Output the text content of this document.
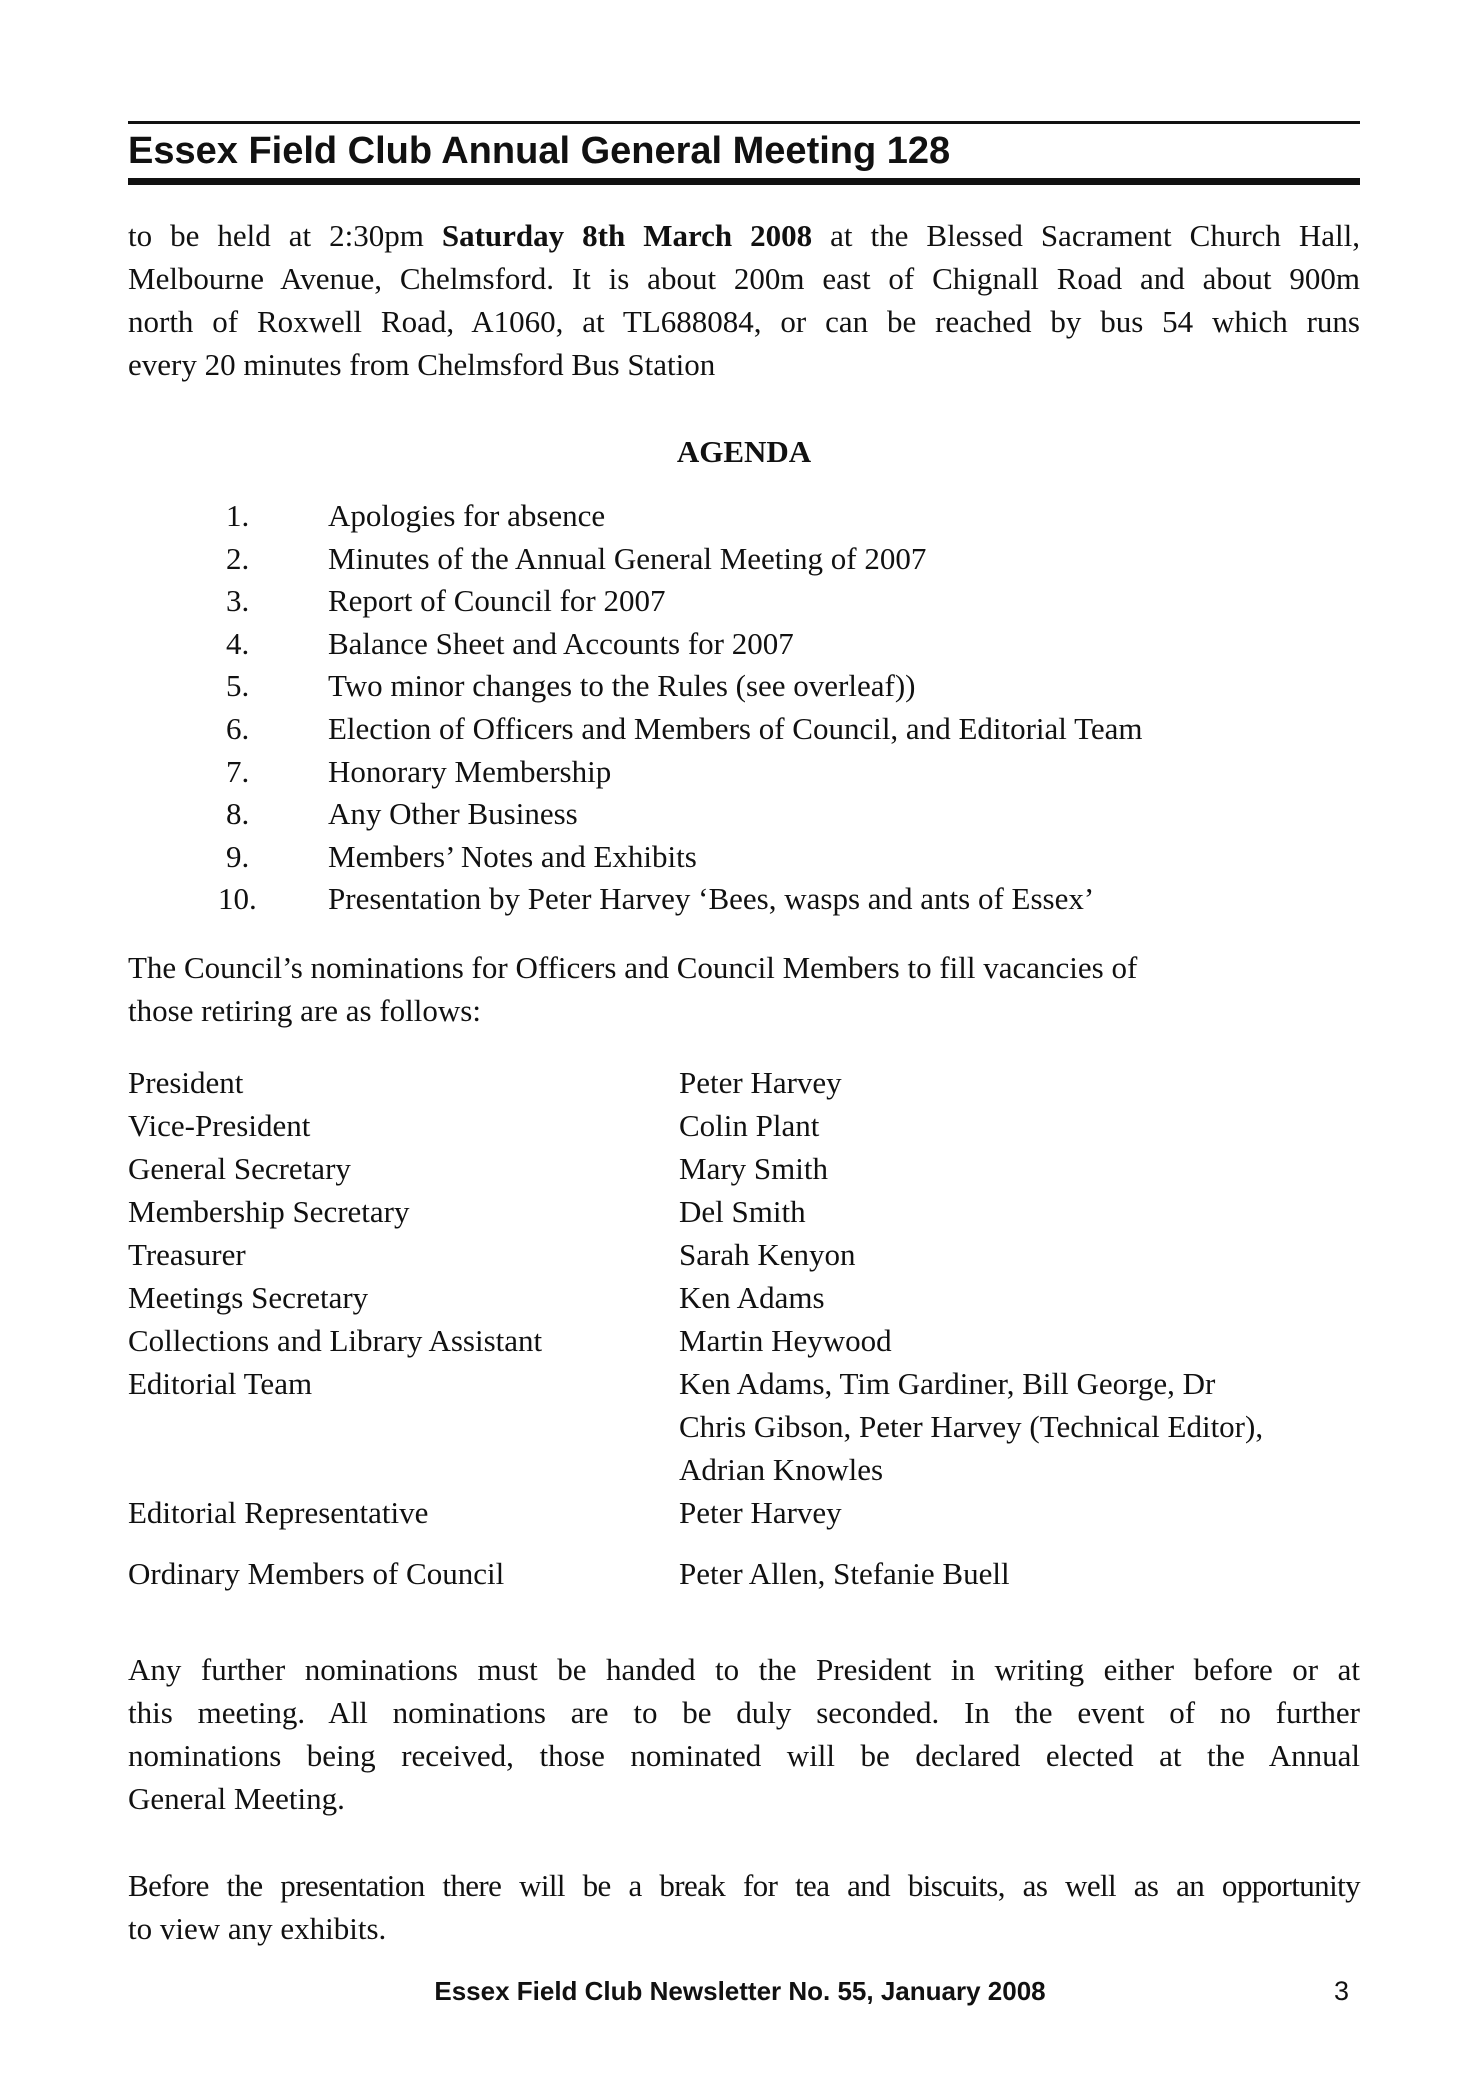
Essex Field Club Annual General Meeting 128
to be held at 2:30pm Saturday 8th March 2008 at the Blessed Sacrament Church Hall,
Melbourne Avenue, Chelmsford. It is about 200m east of Chignall Road and about 900m
north of Roxwell Road, A1060, at TL688084, or can be reached by bus 54 which runs
every 20 minutes from Chelmsford Bus Station
AGENDA
1.	Apologies for absence
2.	Minutes of the Annual General Meeting of 2007
3.	Report of Council for 2007
4.	Balance Sheet and Accounts for 2007
5.	Two minor changes to the Rules (see overleaf))
6.	Election of Officers and Members of Council, and Editorial Team
7.	Honorary Membership
8.	Any Other Business
9.	Members’ Notes and Exhibits
10. Presentation by Peter Harvey ‘Bees, wasps and ants of Essex’
The Council’s nominations for Officers and Council Members to fill vacancies of
those retiring are as follows:
President	Peter Harvey
Vice-President	Colin Plant
General Secretary	Mary Smith
Membership Secretary	Del Smith
Treasurer	Sarah Kenyon
Meetings Secretary	Ken Adams
Collections and Library Assistant	Martin Heywood
Editorial Team	Ken Adams, Tim Gardiner, Bill George, Dr
Chris Gibson, Peter Harvey (Technical Editor),
Adrian Knowles
Editorial Representative	Peter Harvey
Ordinary Members of Council	Peter Allen, Stefanie Buell
Any further nominations must be handed to the President in writing either before or at
this meeting. All nominations are to be duly seconded. In the event of no further
nominations being received, those nominated will be declared elected at the Annual
General Meeting.
Before the presentation there will be a break for tea and biscuits, as well as an opportunity
to view any exhibits.
Essex Field Club Newsletter No. 55, January 2008	3
